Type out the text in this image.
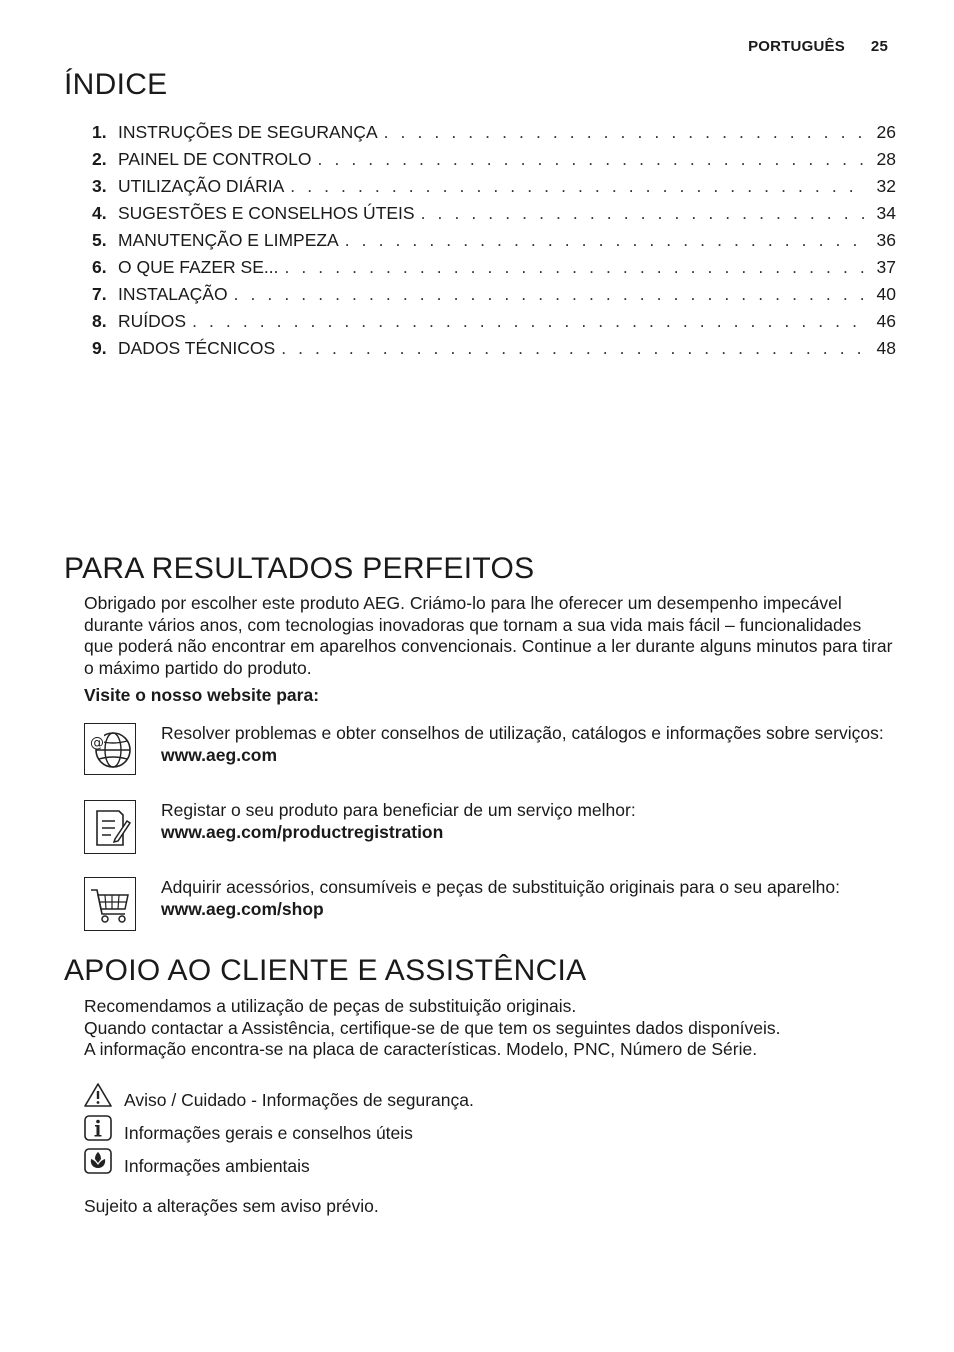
PORTUGUÊS 25
ÍNDICE
1. INSTRUÇÕES DE SEGURANÇA . . .	26
2. PAINEL DE CONTROLO . . .	28
3. UTILIZAÇÃO DIÁRIA . . .	32
4. SUGESTÕES E CONSELHOS ÚTEIS . . .	34
5. MANUTENÇÃO E LIMPEZA . . .	36
6. O QUE FAZER SE... . . .	37
7. INSTALAÇÃO . . .	40
8. RUÍDOS . . .	46
9. DADOS TÉCNICOS . . .	48
PARA RESULTADOS PERFEITOS
Obrigado por escolher este produto AEG. Criámo-lo para lhe oferecer um desempenho impecável durante vários anos, com tecnologias inovadoras que tornam a sua vida mais fácil – funcionalidades que poderá não encontrar em aparelhos convencionais. Continue a ler durante alguns minutos para tirar o máximo partido do produto.
Visite o nosso website para:
@	Resolver problemas e obter conselhos de utilização, catálogos e informações sobre serviços:
www.aeg.com
Registar o seu produto para beneficiar de um serviço melhor:
www.aeg.com/productregistration
Adquirir acessórios, consumíveis e peças de substituição originais para o seu aparelho:
www.aeg.com/shop
APOIO AO CLIENTE E ASSISTÊNCIA
Recomendamos a utilização de peças de substituição originais.
Quando contactar a Assistência, certifique-se de que tem os seguintes dados disponíveis.
A informação encontra-se na placa de características. Modelo, PNC, Número de Série.
Aviso / Cuidado - Informações de segurança.
Informações gerais e conselhos úteis
Informações ambientais
Sujeito a alterações sem aviso prévio.
